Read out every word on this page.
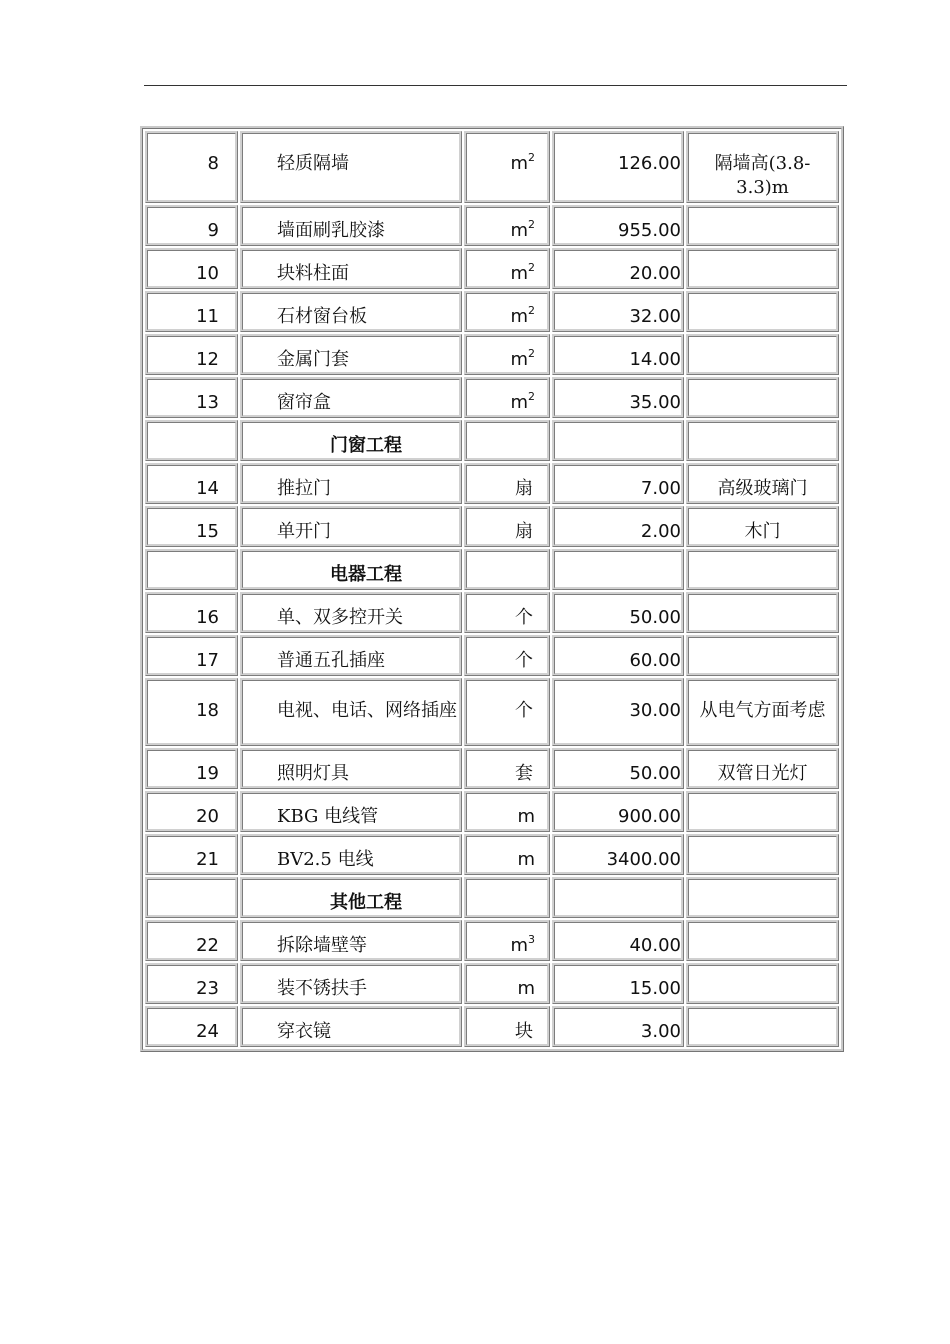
8	轻质隔墙	$m^2$	126.00	隔墙高(3.8-3.3)m
9	墙面刷乳胶漆	$m^2$	955.00	
10	块料柱面	$m^2$	20.00	
11	石材窗台板	$m^2$	32.00	
12	金属门套	$m^2$	14.00	
13	窗帘盒	$m^2$	35.00	
	门窗工程			
14	推拉门	扇	7.00	高级玻璃门
15	单开门	扇	2.00	木门
	电器工程			
16	单、双多控开关	个	50.00	
17	普通五孔插座	个	60.00	
18	电视、电话、网络插座	个	30.00	从电气方面考虑
19	照明灯具	套	50.00	双管日光灯
20	KBG 电线管	m	900.00	
21	BV2.5 电线	m	3400.00	
	其他工程			
22	拆除墙壁等	$m^3$	40.00	
23	装不锈扶手	m	15.00	
24	穿衣镜	块	3.00	
